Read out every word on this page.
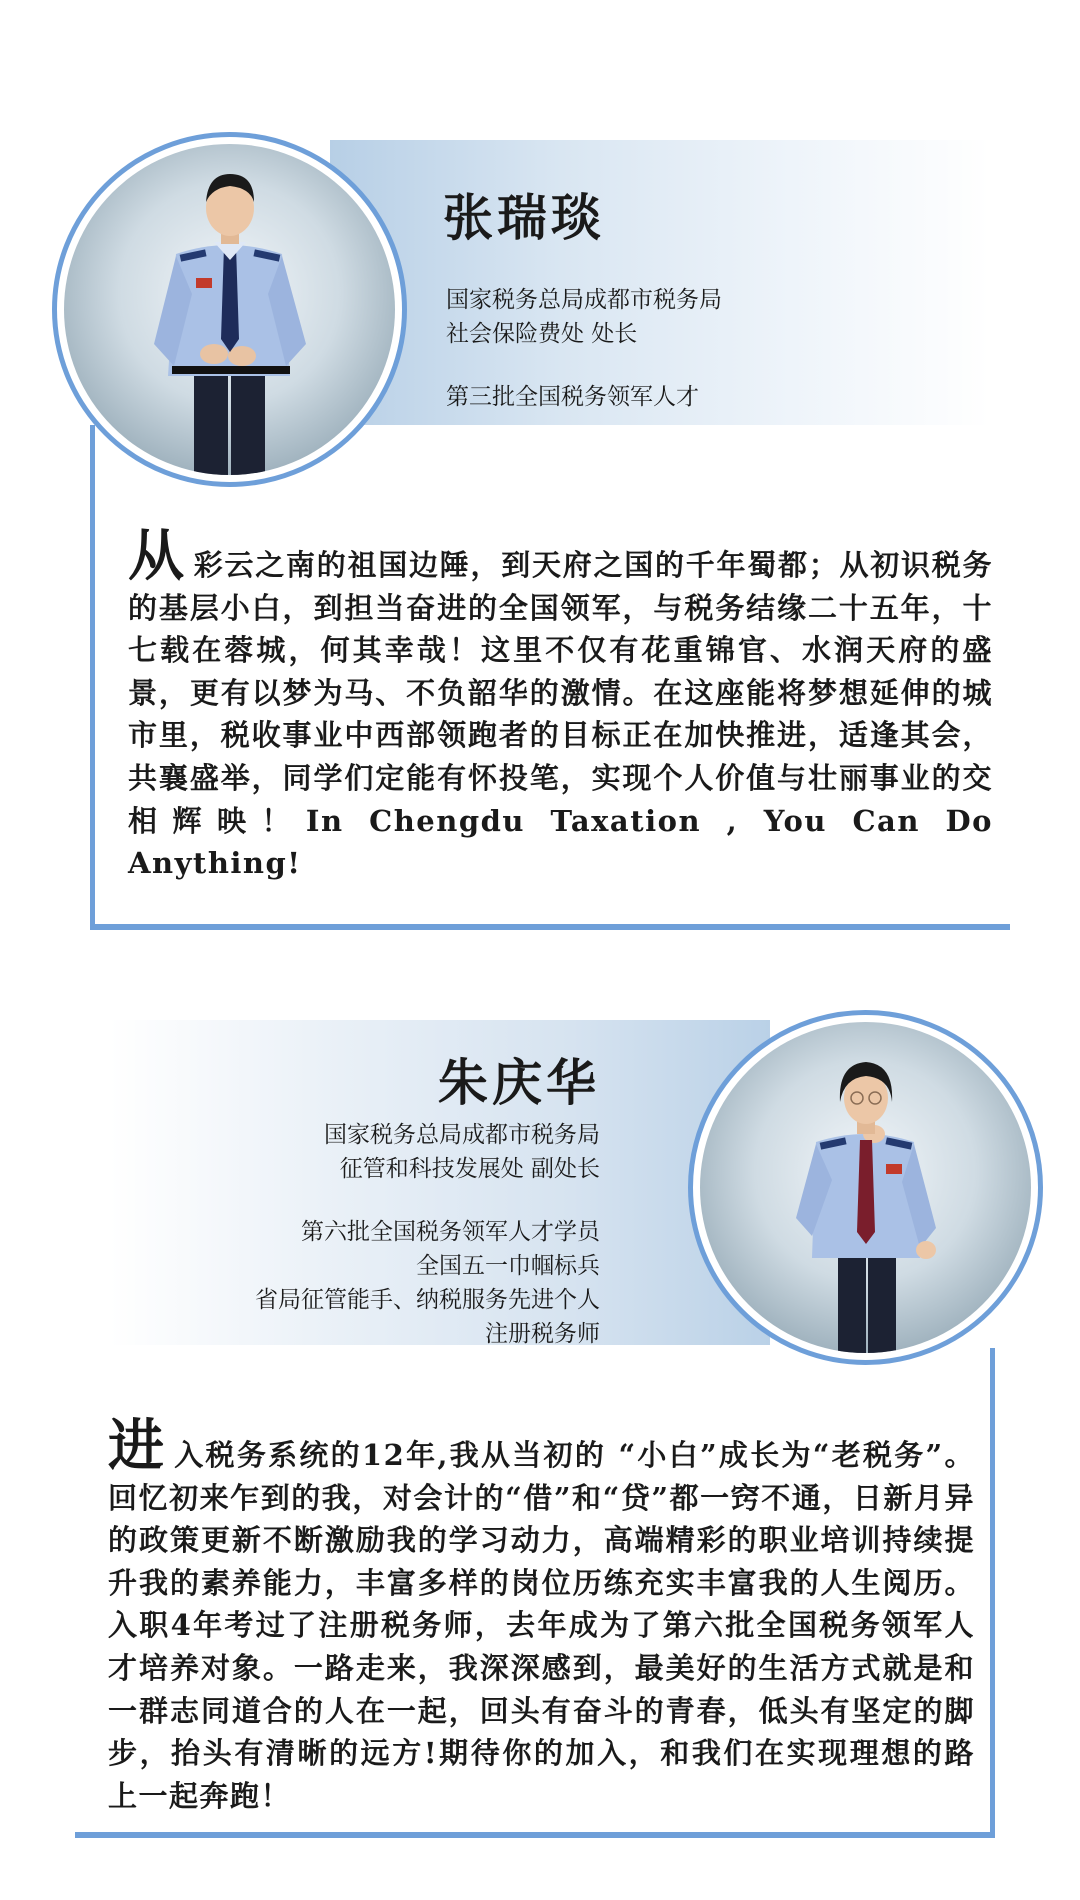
张瑞琰
国家税务总局成都市税务局
社会保险费处 处长
第三批全国税务领军人才
从彩云之南的祖国边陲，到天府之国的千年蜀都；从初识税务的基层小白，到担当奋进的全国领军，与税务结缘二十五年，十七载在蓉城，何其幸哉！这里不仅有花重锦官、水润天府的盛景，更有以梦为马、不负韶华的激情。在这座能将梦想延伸的城市里，税收事业中西部领跑者的目标正在加快推进，适逢其会，共襄盛举，同学们定能有怀投笔，实现个人价值与壮丽事业的交相辉映！In Chengdu Taxation , You Can Do Anything!
朱庆华
国家税务总局成都市税务局
征管和科技发展处 副处长
第六批全国税务领军人才学员
全国五一巾帼标兵
省局征管能手、纳税服务先进个人
注册税务师
进入税务系统的12年,我从当初的 “小白”成长为“老税务”。回忆初来乍到的我，对会计的“借”和“贷”都一窍不通，日新月异的政策更新不断激励我的学习动力，高端精彩的职业培训持续提升我的素养能力，丰富多样的岗位历练充实丰富我的人生阅历。入职4年考过了注册税务师，去年成为了第六批全国税务领军人才培养对象。一路走来，我深深感到，最美好的生活方式就是和一群志同道合的人在一起，回头有奋斗的青春，低头有坚定的脚步，抬头有清晰的远方!期待你的加入，和我们在实现理想的路上一起奔跑！
